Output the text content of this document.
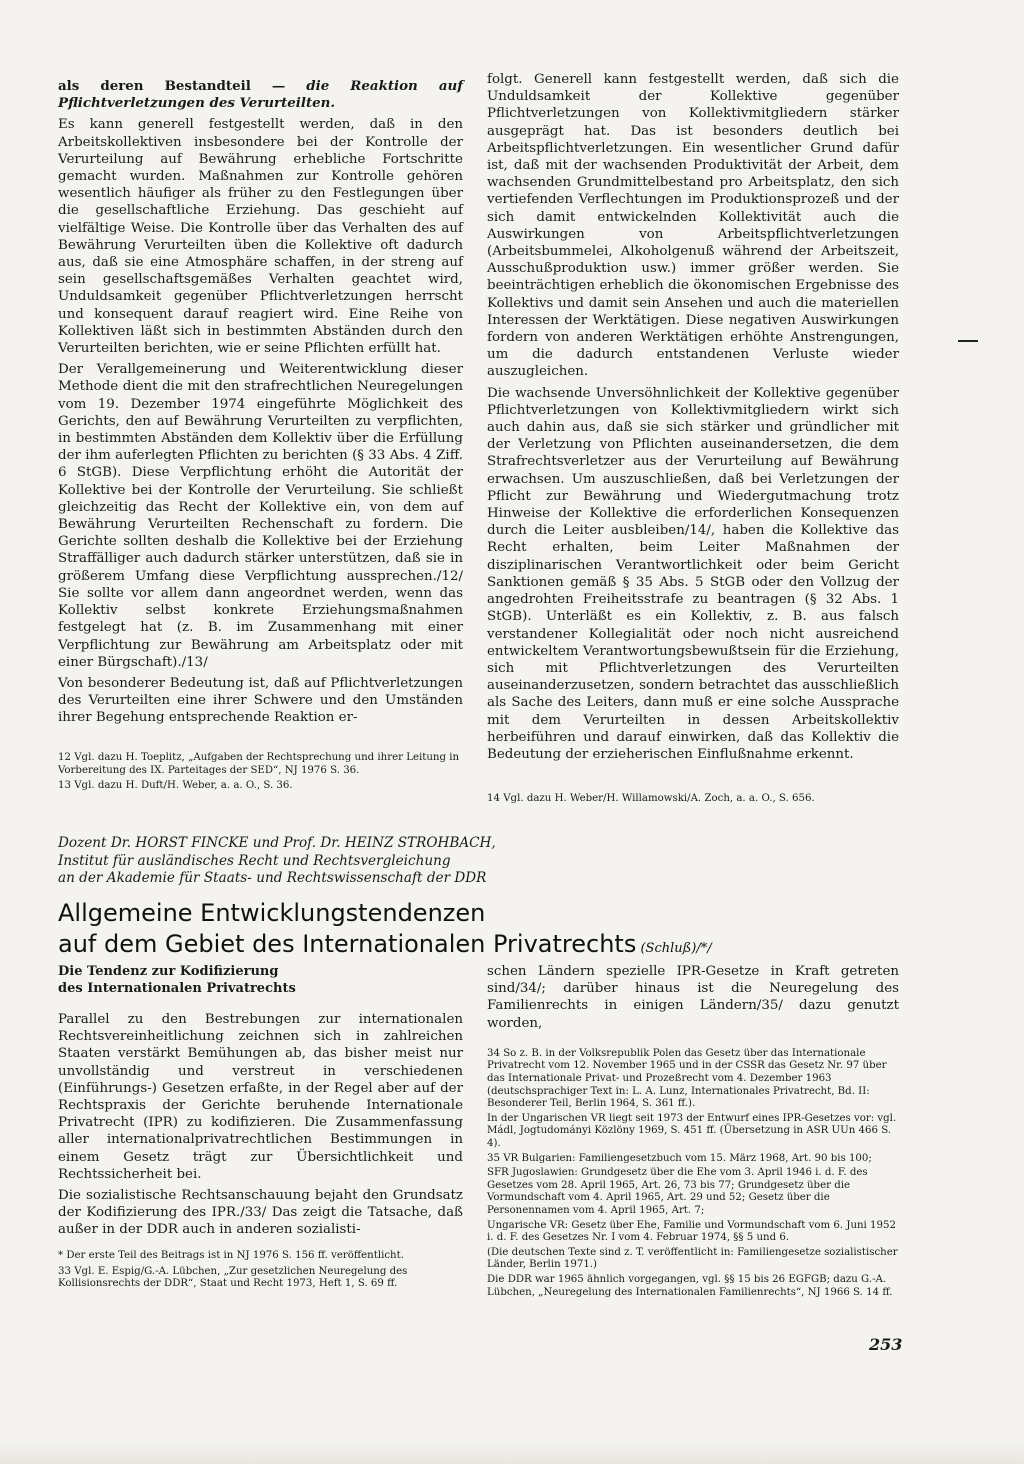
als deren Bestandteil — die Reaktion auf Pflichtverletzungen des Verurteilten.

Es kann generell festgestellt werden, daß in den Arbeitskollektiven insbesondere bei der Kontrolle der Verurteilung auf Bewährung erhebliche Fortschritte gemacht wurden. Maßnahmen zur Kontrolle gehören wesentlich häufiger als früher zu den Festlegungen über die gesellschaftliche Erziehung. Das geschieht auf vielfältige Weise. Die Kontrolle über das Verhalten des auf Bewährung Verurteilten üben die Kollektive oft dadurch aus, daß sie eine Atmosphäre schaffen, in der streng auf sein gesellschaftsgemäßes Verhalten geachtet wird, Unduldsamkeit gegenüber Pflichtverletzungen herrscht und konsequent darauf reagiert wird. Eine Reihe von Kollektiven läßt sich in bestimmten Abständen durch den Verurteilten berichten, wie er seine Pflichten erfüllt hat.

Der Verallgemeinerung und Weiterentwicklung dieser Methode dient die mit den strafrechtlichen Neuregelungen vom 19. Dezember 1974 eingeführte Möglichkeit des Gerichts, den auf Bewährung Verurteilten zu verpflichten, in bestimmten Abständen dem Kollektiv über die Erfüllung der ihm auferlegten Pflichten zu berichten (§ 33 Abs. 4 Ziff. 6 StGB). Diese Verpflichtung erhöht die Autorität der Kollektive bei der Kontrolle der Verurteilung. Sie schließt gleichzeitig das Recht der Kollektive ein, von dem auf Bewährung Verurteilten Rechenschaft zu fordern. Die Gerichte sollten deshalb die Kollektive bei der Erziehung Straffälliger auch dadurch stärker unterstützen, daß sie in größerem Umfang diese Verpflichtung aussprechen./12/ Sie sollte vor allem dann angeordnet werden, wenn das Kollektiv selbst konkrete Erziehungsmaßnahmen festgelegt hat (z. B. im Zusammenhang mit einer Verpflichtung zur Bewährung am Arbeitsplatz oder mit einer Bürgschaft)./13/

Von besonderer Bedeutung ist, daß auf Pflichtverletzungen des Verurteilten eine ihrer Schwere und den Umständen ihrer Begehung entsprechende Reaktion er-

12 Vgl. dazu H. Toeplitz, „Aufgaben der Rechtsprechung und ihrer Leitung in Vorbereitung des IX. Parteitages der SED“, NJ 1976 S. 36.

13 Vgl. dazu H. Duft/H. Weber, a. a. O., S. 36.

folgt. Generell kann festgestellt werden, daß sich die Unduldsamkeit der Kollektive gegenüber Pflichtverletzungen von Kollektivmitgliedern stärker ausgeprägt hat. Das ist besonders deutlich bei Arbeitspflichtverletzungen. Ein wesentlicher Grund dafür ist, daß mit der wachsenden Produktivität der Arbeit, dem wachsenden Grundmittelbestand pro Arbeitsplatz, den sich vertiefenden Verflechtungen im Produktionsprozeß und der sich damit entwickelnden Kollektivität auch die Auswirkungen von Arbeitspflichtverletzungen (Arbeitsbummelei, Alkoholgenuß während der Arbeitszeit, Ausschußproduktion usw.) immer größer werden. Sie beeinträchtigen erheblich die ökonomischen Ergebnisse des Kollektivs und damit sein Ansehen und auch die materiellen Interessen der Werktätigen. Diese negativen Auswirkungen fordern von anderen Werktätigen erhöhte Anstrengungen, um die dadurch entstandenen Verluste wieder auszugleichen.

Die wachsende Unversöhnlichkeit der Kollektive gegenüber Pflichtverletzungen von Kollektivmitgliedern wirkt sich auch dahin aus, daß sie sich stärker und gründlicher mit der Verletzung von Pflichten auseinandersetzen, die dem Strafrechtsverletzer aus der Verurteilung auf Bewährung erwachsen. Um auszuschließen, daß bei Verletzungen der Pflicht zur Bewährung und Wiedergutmachung trotz Hinweise der Kollektive die erforderlichen Konsequenzen durch die Leiter ausbleiben/14/, haben die Kollektive das Recht erhalten, beim Leiter Maßnahmen der disziplinarischen Verantwortlichkeit oder beim Gericht Sanktionen gemäß § 35 Abs. 5 StGB oder den Vollzug der angedrohten Freiheitsstrafe zu beantragen (§ 32 Abs. 1 StGB). Unterläßt es ein Kollektiv, z. B. aus falsch verstandener Kollegialität oder noch nicht ausreichend entwickeltem Verantwortungsbewußtsein für die Erziehung, sich mit Pflichtverletzungen des Verurteilten auseinanderzusetzen, sondern betrachtet das ausschließlich als Sache des Leiters, dann muß er eine solche Aussprache mit dem Verurteilten in dessen Arbeitskollektiv herbeiführen und darauf einwirken, daß das Kollektiv die Bedeutung der erzieherischen Einflußnahme erkennt.

14 Vgl. dazu H. Weber/H. Willamowski/A. Zoch, a. a. O., S. 656.

Dozent Dr. HORST FINCKE und Prof. Dr. HEINZ STROHBACH,
Institut für ausländisches Recht und Rechtsvergleichung
an der Akademie für Staats- und Rechtswissenschaft der DDR
Allgemeine Entwicklungstendenzen
auf dem Gebiet des Internationalen Privatrechts (Schluß)/*/
Die Tendenz zur Kodifizierung
des Internationalen Privatrechts

Parallel zu den Bestrebungen zur internationalen Rechtsvereinheitlichung zeichnen sich in zahlreichen Staaten verstärkt Bemühungen ab, das bisher meist nur unvollständig und verstreut in verschiedenen (Einführungs-) Gesetzen erfaßte, in der Regel aber auf der Rechtspraxis der Gerichte beruhende Internationale Privatrecht (IPR) zu kodifizieren. Die Zusammenfassung aller internationalprivatrechtlichen Bestimmungen in einem Gesetz trägt zur Übersichtlichkeit und Rechtssicherheit bei.

Die sozialistische Rechtsanschauung bejaht den Grundsatz der Kodifizierung des IPR./33/ Das zeigt die Tatsache, daß außer in der DDR auch in anderen sozialisti-

* Der erste Teil des Beitrags ist in NJ 1976 S. 156 ff. veröffentlicht.

33 Vgl. E. Espig/G.-A. Lübchen, „Zur gesetzlichen Neuregelung des Kollisionsrechts der DDR“, Staat und Recht 1973, Heft 1, S. 69 ff.

schen Ländern spezielle IPR-Gesetze in Kraft getreten sind/34/; darüber hinaus ist die Neuregelung des Familienrechts in einigen Ländern/35/ dazu genutzt worden,

34 So z. B. in der Volksrepublik Polen das Gesetz über das Internationale Privatrecht vom 12. November 1965 und in der CSSR das Gesetz Nr. 97 über das Internationale Privat- und Prozeßrecht vom 4. Dezember 1963 (deutschsprachiger Text in: L. A. Lunz, Internationales Privatrecht, Bd. II: Besonderer Teil, Berlin 1964, S. 361 ff.).

In der Ungarischen VR liegt seit 1973 der Entwurf eines IPR-Gesetzes vor: vgl. Mádl, Jogtudományi Közlöny 1969, S. 451 ff. (Übersetzung in ASR UUn 466 S. 4).

35 VR Bulgarien: Familiengesetzbuch vom 15. März 1968, Art. 90 bis 100;

SFR Jugoslawien: Grundgesetz über die Ehe vom 3. April 1946 i. d. F. des Gesetzes vom 28. April 1965, Art. 26, 73 bis 77; Grundgesetz über die Vormundschaft vom 4. April 1965, Art. 29 und 52; Gesetz über die Personennamen vom 4. April 1965, Art. 7;

Ungarische VR: Gesetz über Ehe, Familie und Vormundschaft vom 6. Juni 1952 i. d. F. des Gesetzes Nr. I vom 4. Februar 1974, §§ 5 und 6.

(Die deutschen Texte sind z. T. veröffentlicht in: Familiengesetze sozialistischer Länder, Berlin 1971.)

Die DDR war 1965 ähnlich vorgegangen, vgl. §§ 15 bis 26 EGFGB; dazu G.-A. Lübchen, „Neuregelung des Internationalen Familienrechts“, NJ 1966 S. 14 ff.

253
